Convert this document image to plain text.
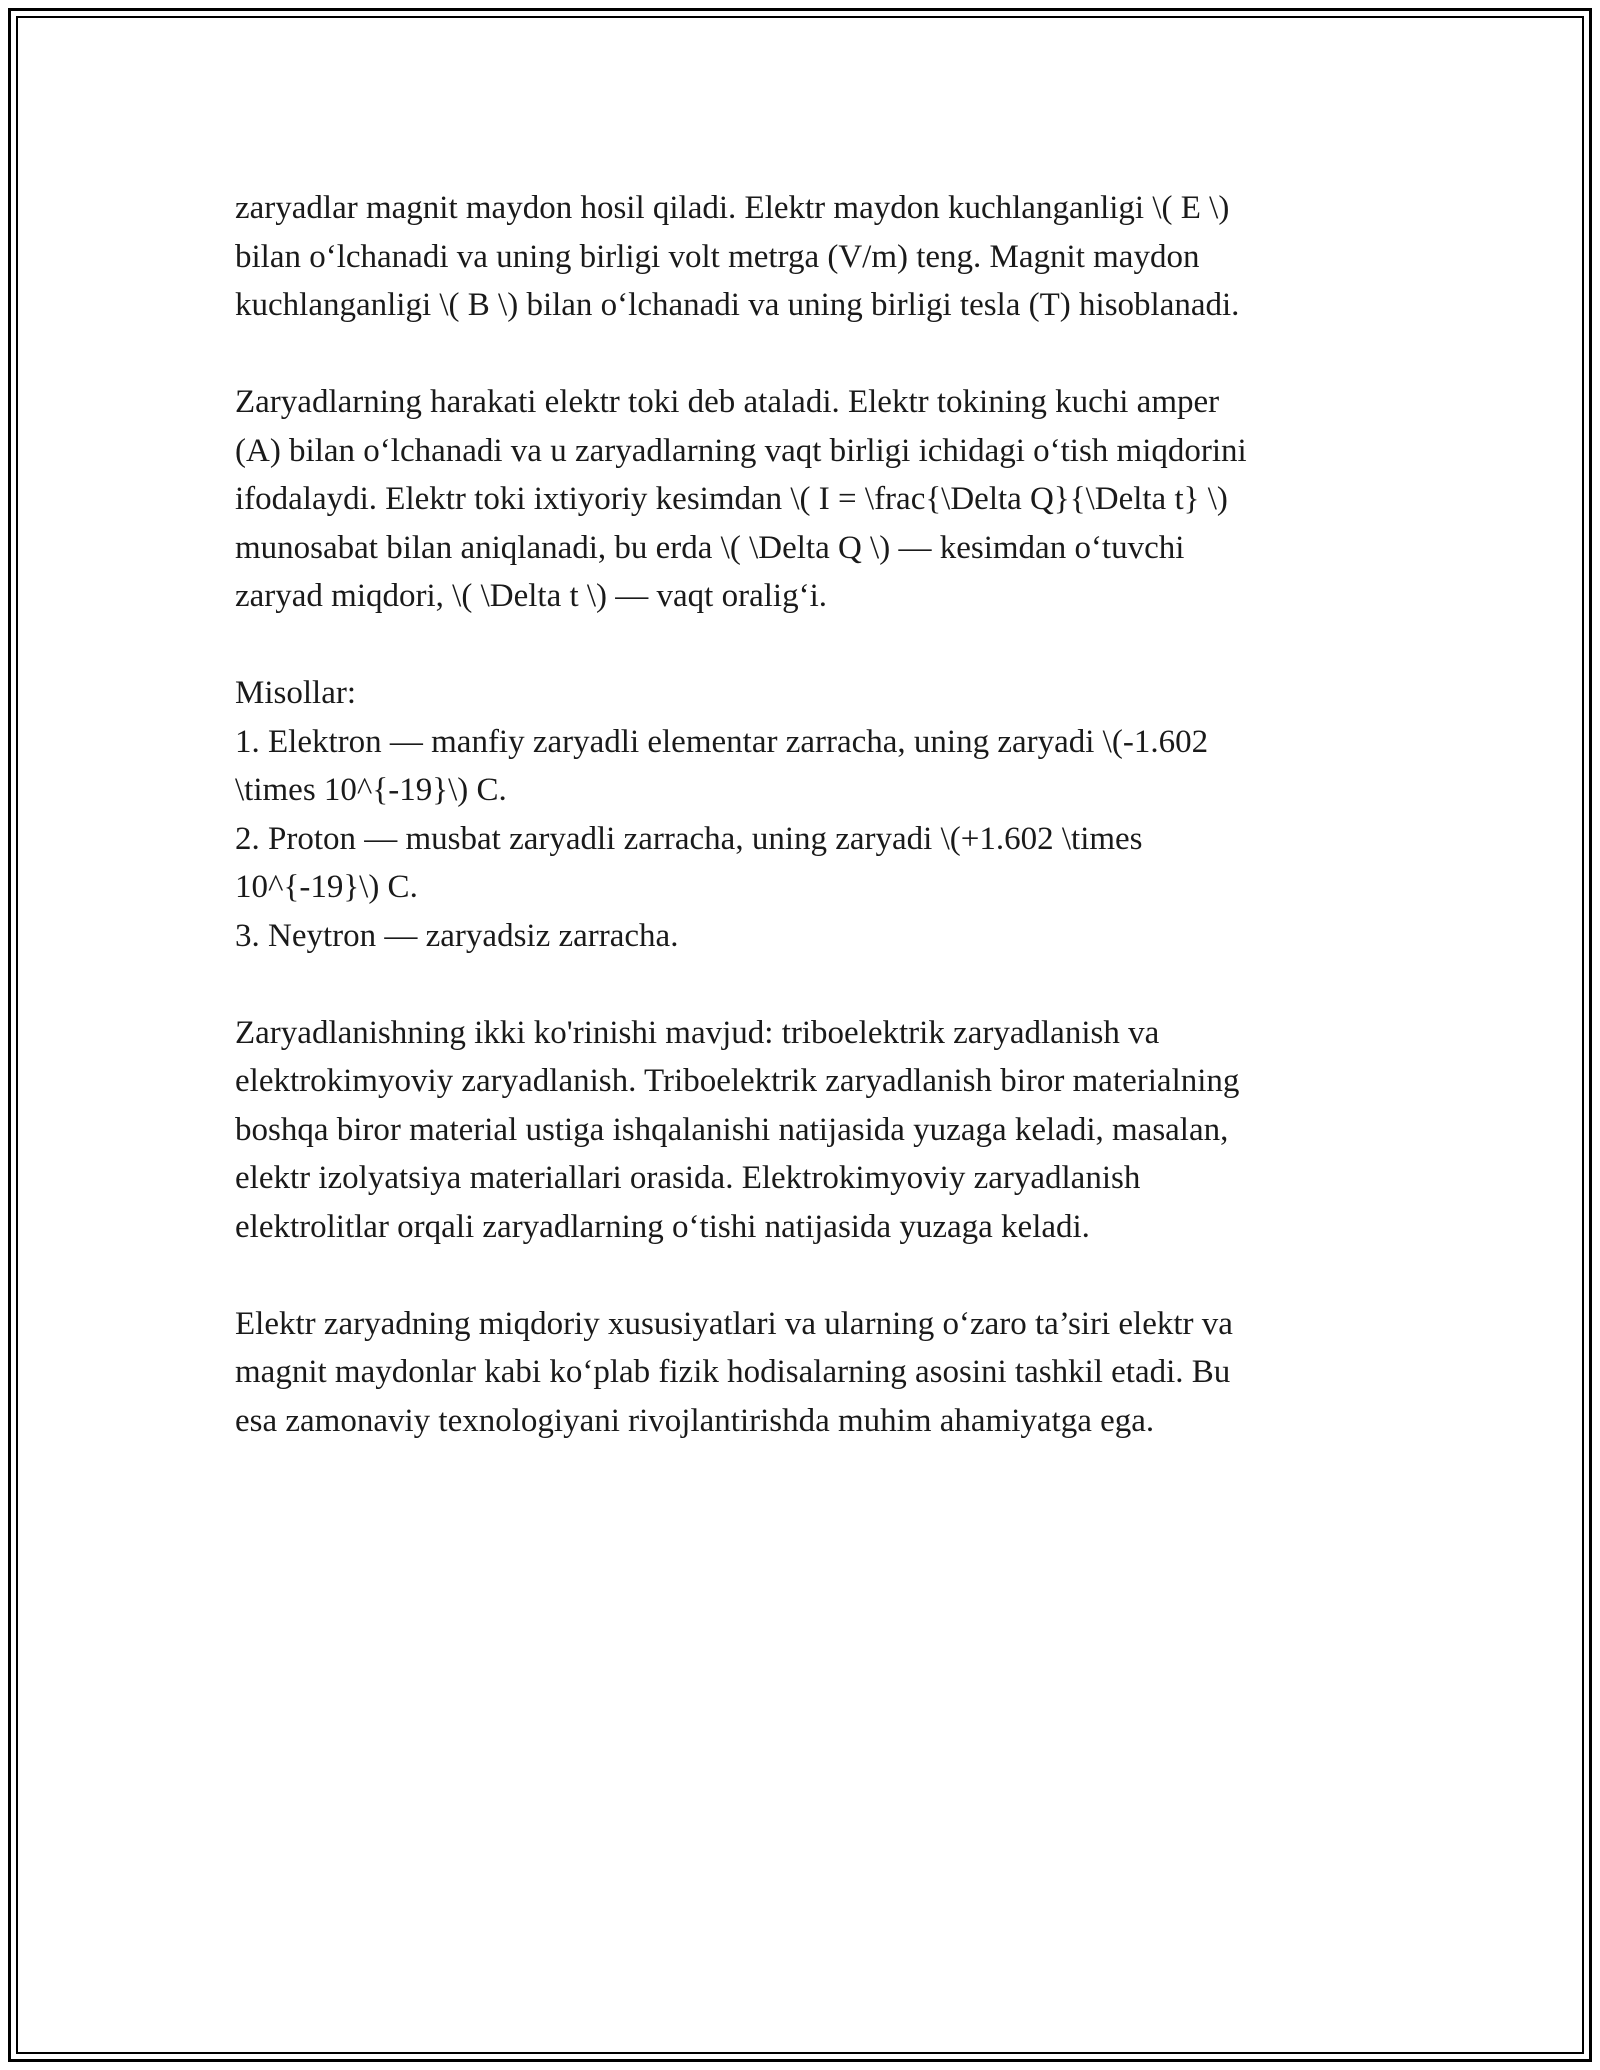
zaryadlar magnit maydon hosil qiladi. Elektr maydon kuchlanganligi \( E \)
bilan o‘lchanadi va uning birligi volt metrga (V/m) teng. Magnit maydon
kuchlanganligi \( B \) bilan o‘lchanadi va uning birligi tesla (T) hisoblanadi.

Zaryadlarning harakati elektr toki deb ataladi. Elektr tokining kuchi amper
(A) bilan o‘lchanadi va u zaryadlarning vaqt birligi ichidagi o‘tish miqdorini
ifodalaydi. Elektr toki ixtiyoriy kesimdan \( I = \frac{\Delta Q}{\Delta t} \)
munosabat bilan aniqlanadi, bu erda \( \Delta Q \) — kesimdan o‘tuvchi
zaryad miqdori, \( \Delta t \) — vaqt oralig‘i.

Misollar:
1. Elektron — manfiy zaryadli elementar zarracha, uning zaryadi \(-1.602
\times 10^{-19}\) C.
2. Proton — musbat zaryadli zarracha, uning zaryadi \(+1.602 \times
10^{-19}\) C.
3. Neytron — zaryadsiz zarracha.

Zaryadlanishning ikki ko'rinishi mavjud: triboelektrik zaryadlanish va
elektrokimyoviy zaryadlanish. Triboelektrik zaryadlanish biror materialning
boshqa biror material ustiga ishqalanishi natijasida yuzaga keladi, masalan,
elektr izolyatsiya materiallari orasida. Elektrokimyoviy zaryadlanish
elektrolitlar orqali zaryadlarning o‘tishi natijasida yuzaga keladi.

Elektr zaryadning miqdoriy xususiyatlari va ularning o‘zaro ta’siri elektr va
magnit maydonlar kabi ko‘plab fizik hodisalarning asosini tashkil etadi. Bu
esa zamonaviy texnologiyani rivojlantirishda muhim ahamiyatga ega.
